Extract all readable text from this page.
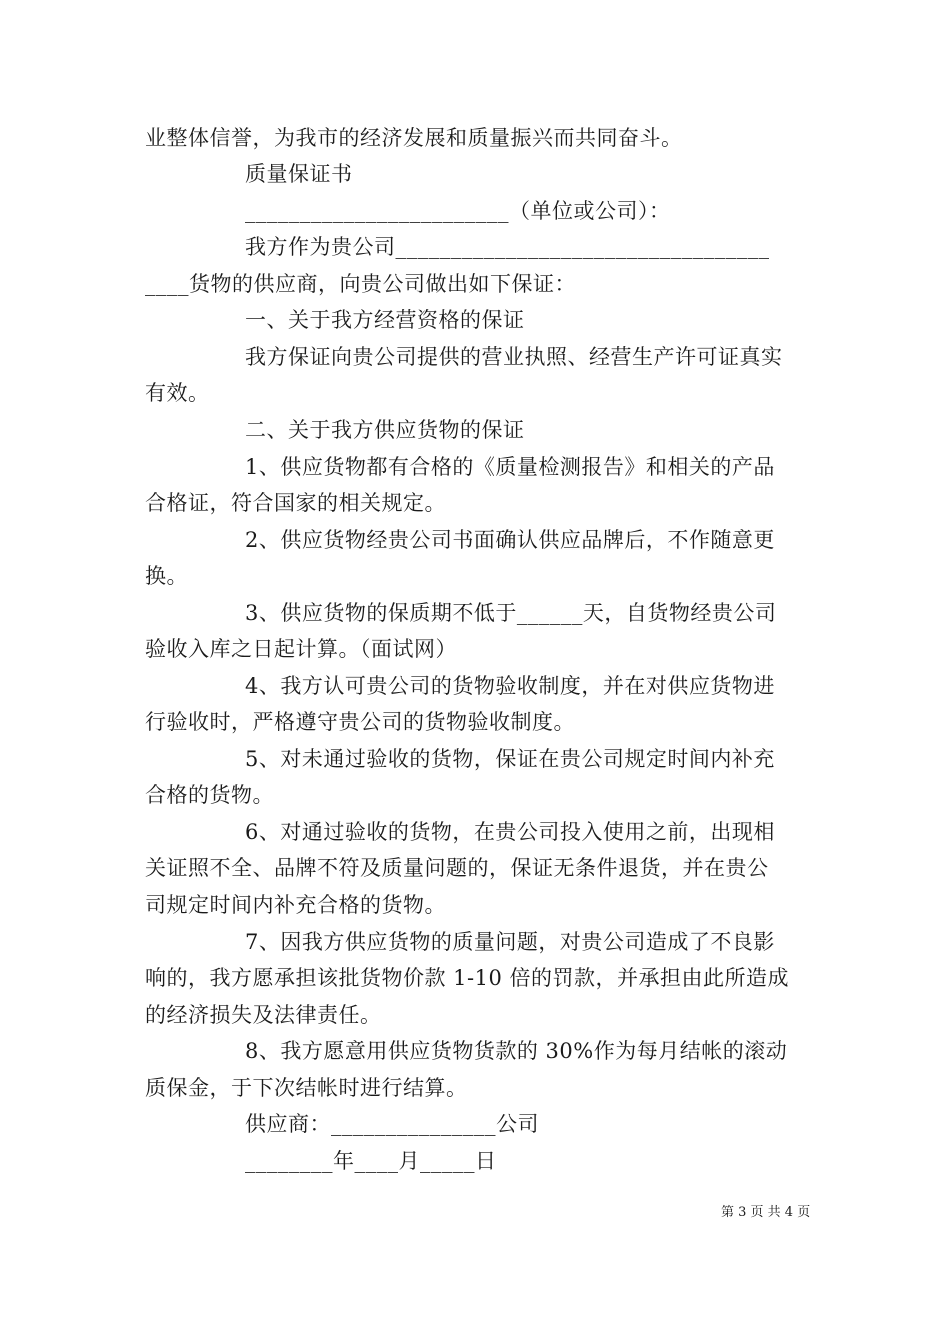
业整体信誉，为我市的经济发展和质量振兴而共同奋斗。
质量保证书
________________________（单位或公司）：
我方作为贵公司__________________________________
____货物的供应商，向贵公司做出如下保证：
一、关于我方经营资格的保证
我方保证向贵公司提供的营业执照、经营生产许可证真实
有效。
二、关于我方供应货物的保证
1、供应货物都有合格的《质量检测报告》和相关的产品
合格证，符合国家的相关规定。
2、供应货物经贵公司书面确认供应品牌后，不作随意更
换。
3、供应货物的保质期不低于______天，自货物经贵公司
验收入库之日起计算。（面试网）
4、我方认可贵公司的货物验收制度，并在对供应货物进
行验收时，严格遵守贵公司的货物验收制度。
5、对未通过验收的货物，保证在贵公司规定时间内补充
合格的货物。
6、对通过验收的货物，在贵公司投入使用之前，出现相
关证照不全、品牌不符及质量问题的，保证无条件退货，并在贵公
司规定时间内补充合格的货物。
7、因我方供应货物的质量问题，对贵公司造成了不良影
响的，我方愿承担该批货物价款 1-10 倍的罚款，并承担由此所造成
的经济损失及法律责任。
8、我方愿意用供应货物货款的 30%作为每月结帐的滚动
质保金，于下次结帐时进行结算。
供应商：_______________公司
________年____月_____日
第 3 页 共 4 页
